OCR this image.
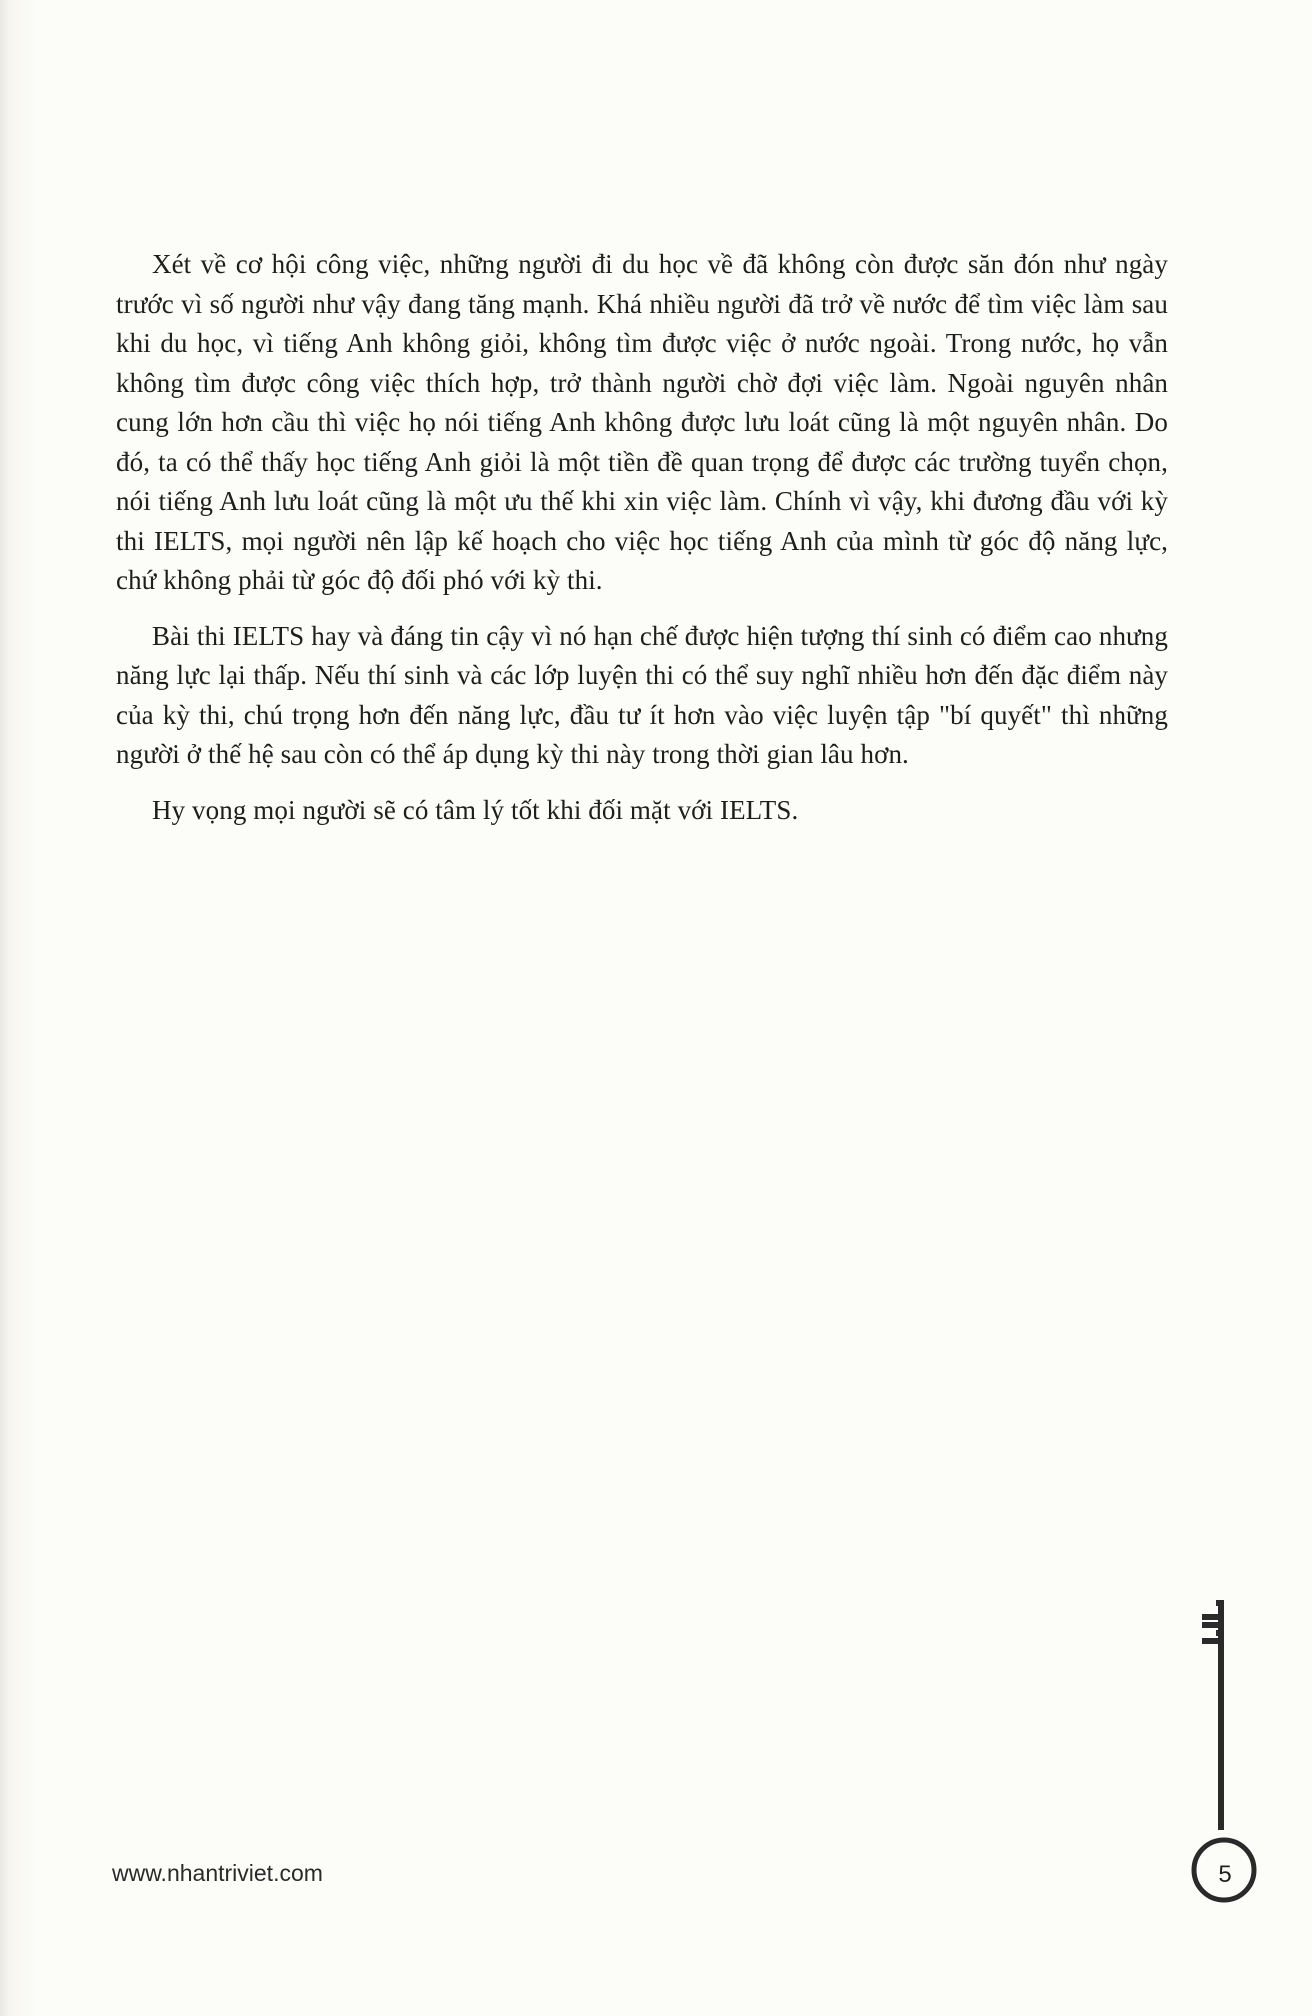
Xét về cơ hội công việc, những người đi du học về đã không còn được săn đón như ngày trước vì số người như vậy đang tăng mạnh. Khá nhiều người đã trở về nước để tìm việc làm sau khi du học, vì tiếng Anh không giỏi, không tìm được việc ở nước ngoài. Trong nước, họ vẫn không tìm được công việc thích hợp, trở thành người chờ đợi việc làm. Ngoài nguyên nhân cung lớn hơn cầu thì việc họ nói tiếng Anh không được lưu loát cũng là một nguyên nhân. Do đó, ta có thể thấy học tiếng Anh giỏi là một tiền đề quan trọng để được các trường tuyển chọn, nói tiếng Anh lưu loát cũng là một ưu thế khi xin việc làm. Chính vì vậy, khi đương đầu với kỳ thi IELTS, mọi người nên lập kế hoạch cho việc học tiếng Anh của mình từ góc độ năng lực, chứ không phải từ góc độ đối phó với kỳ thi.

Bài thi IELTS hay và đáng tin cậy vì nó hạn chế được hiện tượng thí sinh có điểm cao nhưng năng lực lại thấp. Nếu thí sinh và các lớp luyện thi có thể suy nghĩ nhiều hơn đến đặc điểm này của kỳ thi, chú trọng hơn đến năng lực, đầu tư ít hơn vào việc luyện tập "bí quyết" thì những người ở thế hệ sau còn có thể áp dụng kỳ thi này trong thời gian lâu hơn.

Hy vọng mọi người sẽ có tâm lý tốt khi đối mặt với IELTS.

www.nhantriviet.com	5
